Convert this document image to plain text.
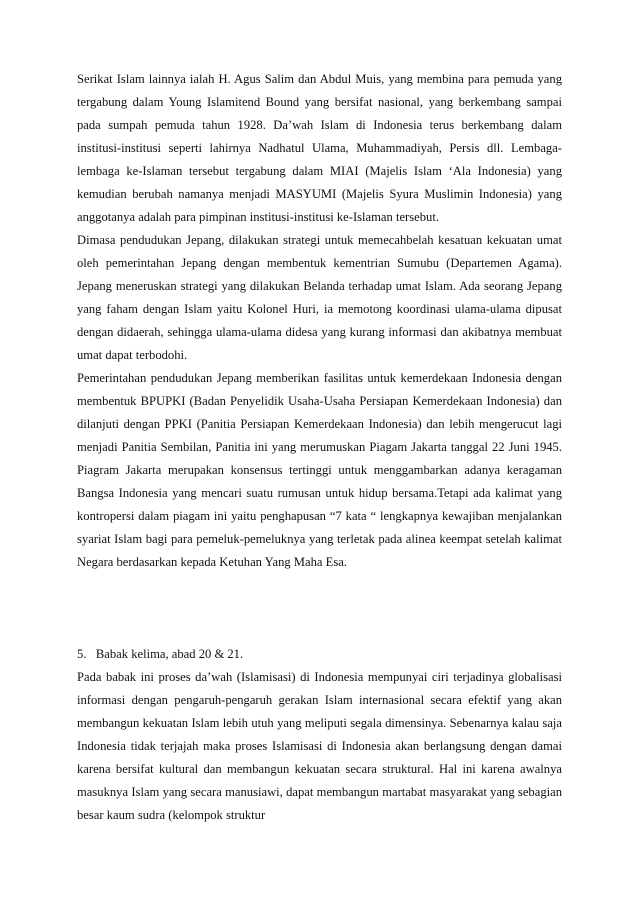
Serikat Islam lainnya ialah H. Agus Salim dan Abdul Muis, yang membina para pemuda yang tergabung dalam Young Islamitend Bound yang bersifat nasional, yang berkembang sampai pada sumpah pemuda tahun 1928. Da’wah Islam di Indonesia terus berkembang dalam institusi-institusi seperti lahirnya Nadhatul Ulama, Muhammadiyah, Persis dll. Lembaga-lembaga ke-Islaman tersebut tergabung dalam MIAI (Majelis Islam ‘Ala Indonesia) yang kemudian berubah namanya menjadi MASYUMI (Majelis Syura Muslimin Indonesia) yang anggotanya adalah para pimpinan institusi-institusi ke-Islaman tersebut.

Dimasa pendudukan Jepang, dilakukan strategi untuk memecahbelah kesatuan kekuatan umat oleh pemerintahan Jepang dengan membentuk kementrian Sumubu (Departemen Agama). Jepang meneruskan strategi yang dilakukan Belanda terhadap umat Islam. Ada seorang Jepang yang faham dengan Islam yaitu Kolonel Huri, ia memotong koordinasi ulama-ulama dipusat dengan didaerah, sehingga ulama-ulama didesa yang kurang informasi dan akibatnya membuat umat dapat terbodohi.

Pemerintahan pendudukan Jepang memberikan fasilitas untuk kemerdekaan Indonesia dengan membentuk BPUPKI (Badan Penyelidik Usaha-Usaha Persiapan Kemerdekaan Indonesia) dan dilanjuti dengan PPKI (Panitia Persiapan Kemerdekaan Indonesia) dan lebih mengerucut lagi menjadi Panitia Sembilan, Panitia ini yang merumuskan Piagam Jakarta tanggal 22 Juni 1945. Piagram Jakarta merupakan konsensus tertinggi untuk menggambarkan adanya keragaman Bangsa Indonesia yang mencari suatu rumusan untuk hidup bersama.Tetapi ada kalimat yang kontropersi dalam piagam ini yaitu penghapusan “7 kata “ lengkapnya kewajiban menjalankan syariat Islam bagi para pemeluk-pemeluknya yang terletak pada alinea keempat setelah kalimat Negara berdasarkan kepada Ketuhan Yang Maha Esa.

5.   Babak kelima, abad 20 & 21.

Pada babak ini proses da’wah (Islamisasi) di Indonesia mempunyai ciri terjadinya globalisasi informasi dengan pengaruh-pengaruh gerakan Islam internasional secara efektif yang akan membangun kekuatan Islam lebih utuh yang meliputi segala dimensinya. Sebenarnya kalau saja Indonesia tidak terjajah maka proses Islamisasi di Indonesia akan berlangsung dengan damai karena bersifat kultural dan membangun kekuatan secara struktural. Hal ini karena awalnya masuknya Islam yang secara manusiawi, dapat membangun martabat masyarakat yang sebagian besar kaum sudra (kelompok struktur
